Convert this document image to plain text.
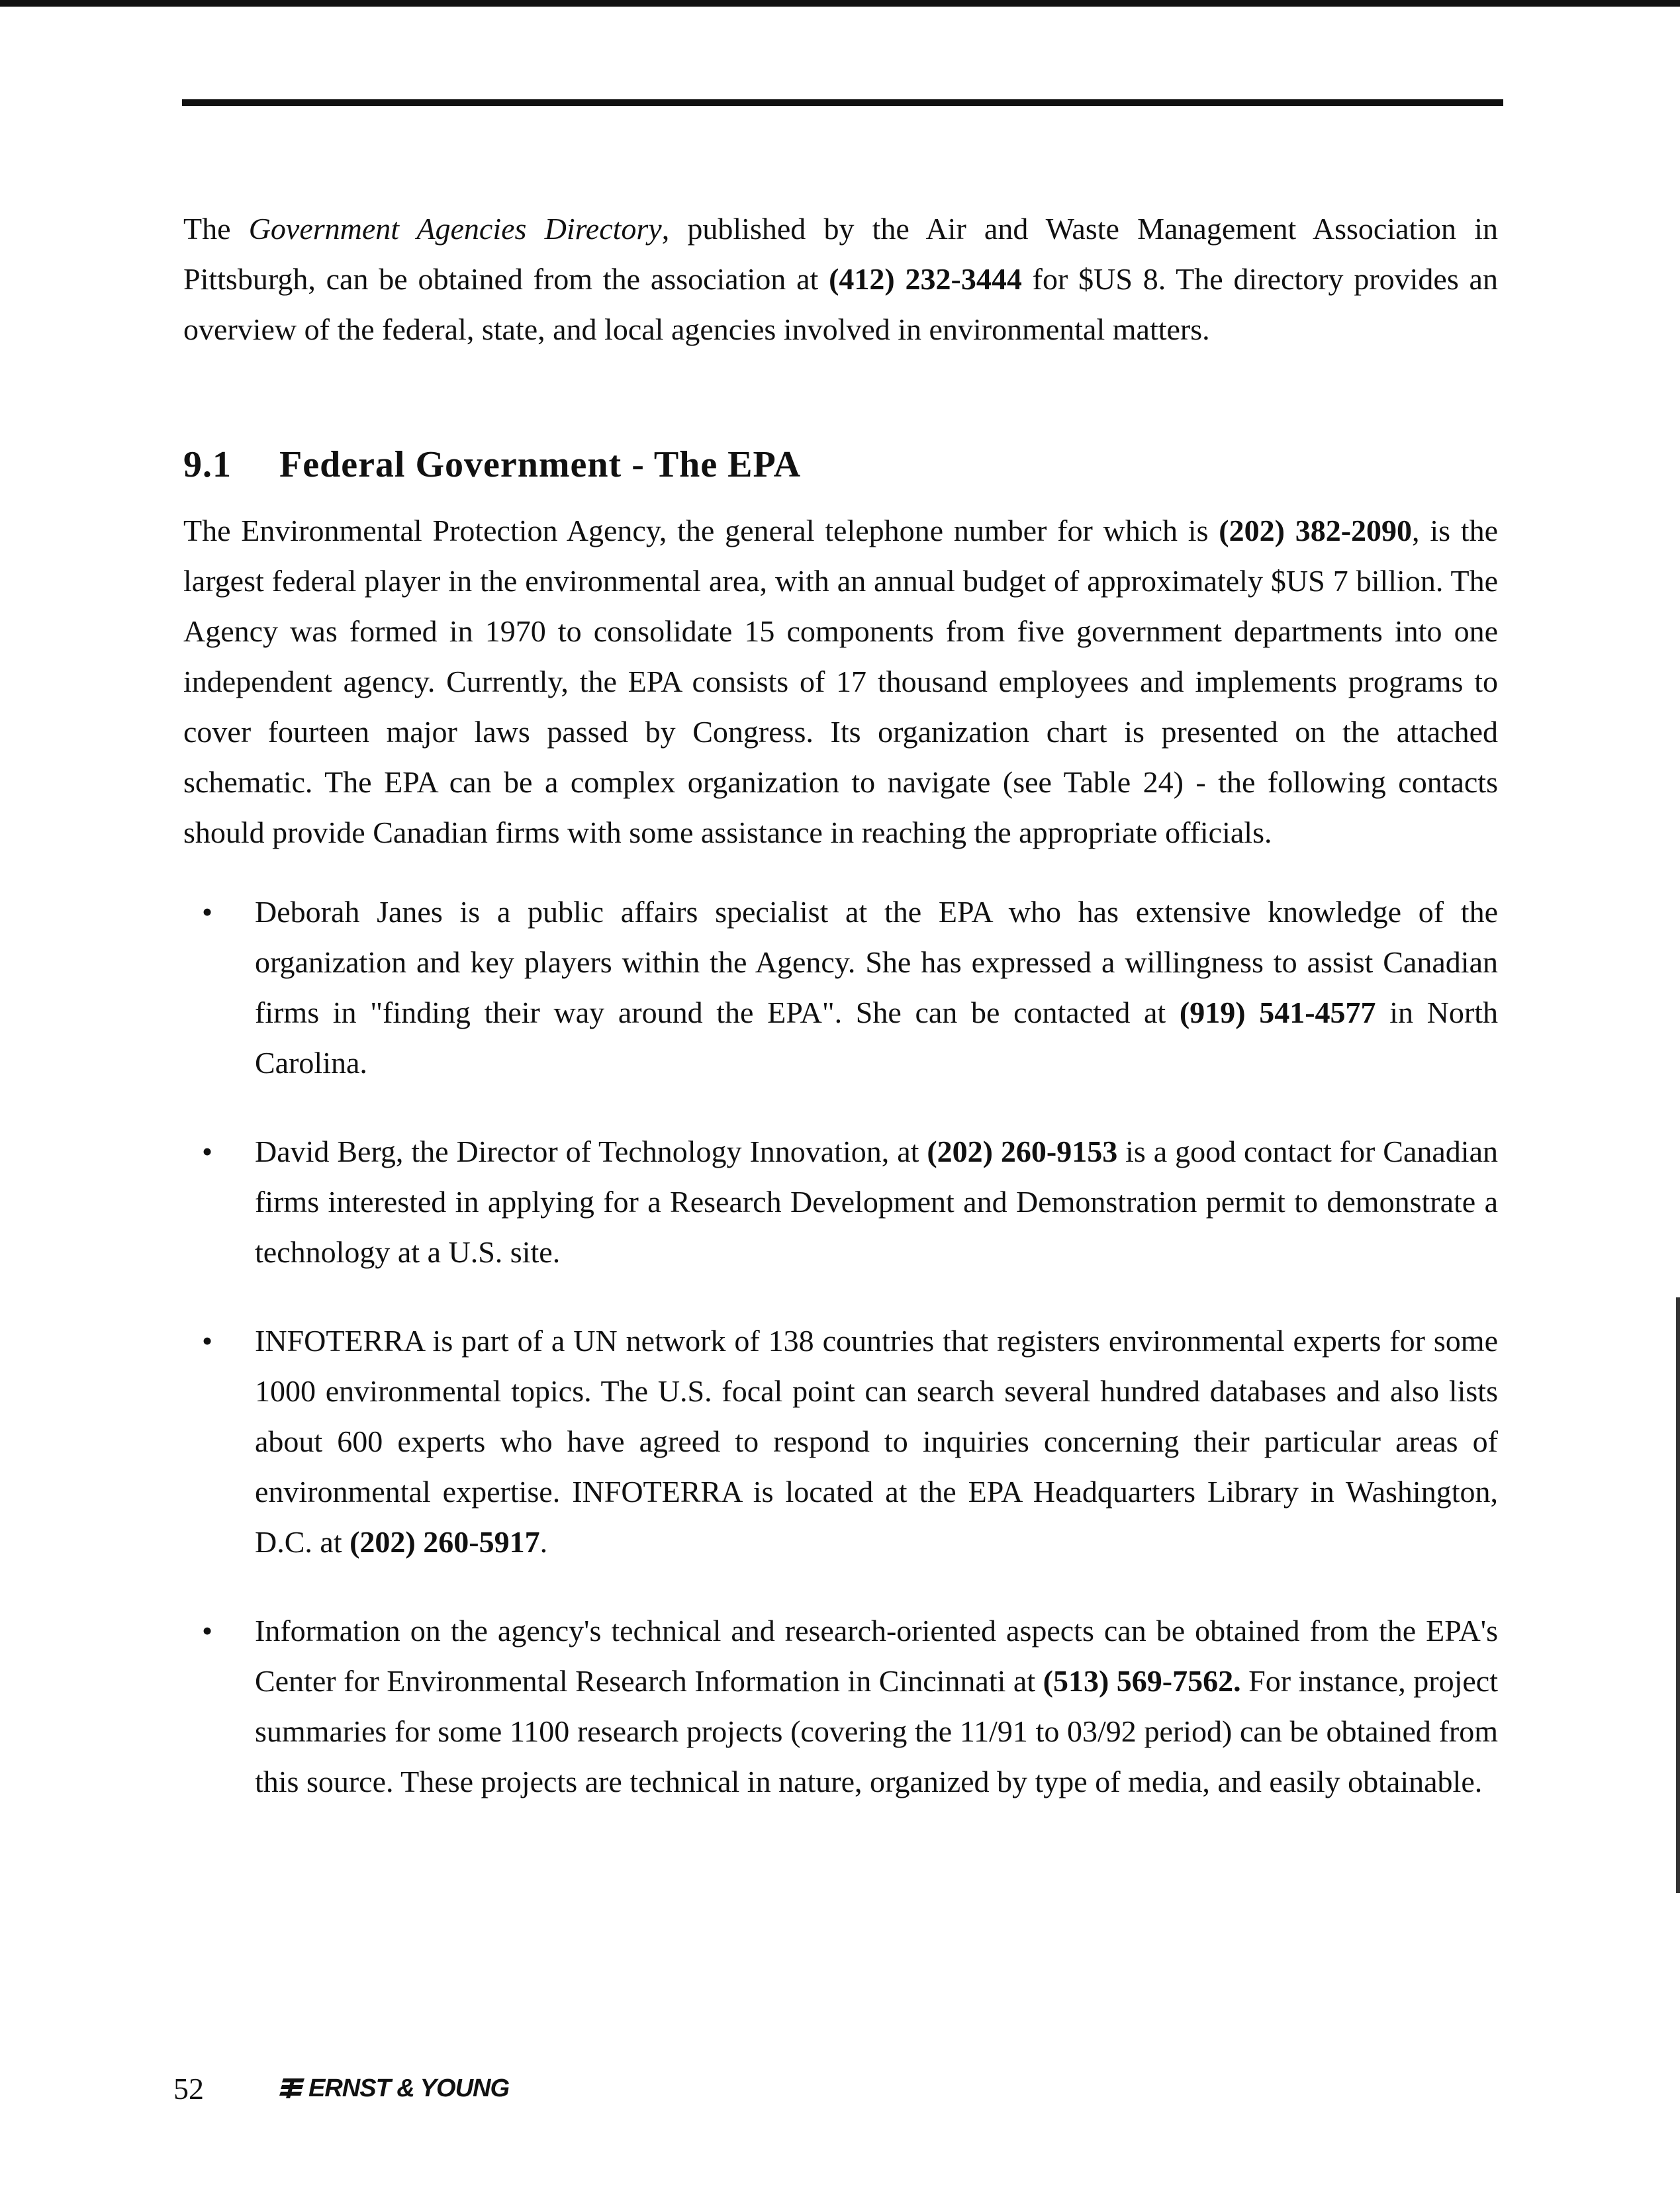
The Government Agencies Directory, published by the Air and Waste Management Association in Pittsburgh, can be obtained from the association at (412) 232-3444 for $US 8. The directory provides an overview of the federal, state, and local agencies involved in environmental matters.

9.1 Federal Government - The EPA

The Environmental Protection Agency, the general telephone number for which is (202) 382-2090, is the largest federal player in the environmental area, with an annual budget of approximately $US 7 billion. The Agency was formed in 1970 to consolidate 15 components from five government departments into one independent agency. Currently, the EPA consists of 17 thousand employees and implements programs to cover fourteen major laws passed by Congress. Its organization chart is presented on the attached schematic. The EPA can be a complex organization to navigate (see Table 24) - the following contacts should provide Canadian firms with some assistance in reaching the appropriate officials.

• Deborah Janes is a public affairs specialist at the EPA who has extensive knowledge of the organization and key players within the Agency. She has expressed a willingness to assist Canadian firms in "finding their way around the EPA". She can be contacted at (919) 541-4577 in North Carolina.
• David Berg, the Director of Technology Innovation, at (202) 260-9153 is a good contact for Canadian firms interested in applying for a Research Development and Demonstration permit to demonstrate a technology at a U.S. site.
• INFOTERRA is part of a UN network of 138 countries that registers environmental experts for some 1000 environmental topics. The U.S. focal point can search several hundred databases and also lists about 600 experts who have agreed to respond to inquiries concerning their particular areas of environmental expertise. INFOTERRA is located at the EPA Headquarters Library in Washington, D.C. at (202) 260-5917.
• Information on the agency's technical and research-oriented aspects can be obtained from the EPA's Center for Environmental Research Information in Cincinnati at (513) 569-7562. For instance, project summaries for some 1100 research projects (covering the 11/91 to 03/92 period) can be obtained from this source. These projects are technical in nature, organized by type of media, and easily obtainable.
52	ERNST & YOUNG
